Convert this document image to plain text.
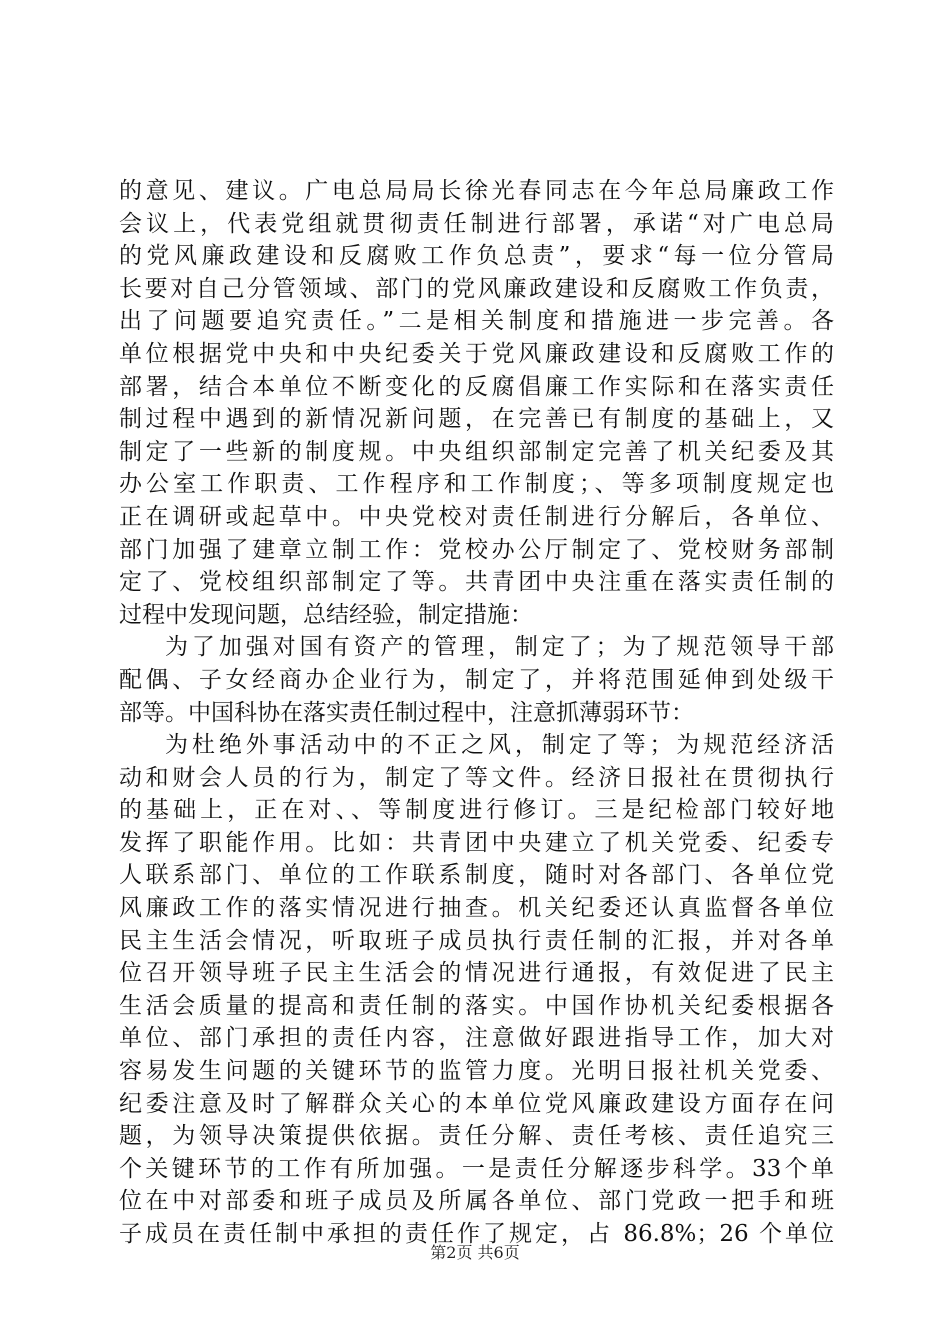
的意见、建议。广电总局局长徐光春同志在今年总局廉政工作
会议上，代表党组就贯彻责任制进行部署，承诺“对广电总局
的党风廉政建设和反腐败工作负总责”，要求“每一位分管局
长要对自己分管领域、部门的党风廉政建设和反腐败工作负责，
出了问题要追究责任。”二是相关制度和措施进一步完善。各
单位根据党中央和中央纪委关于党风廉政建设和反腐败工作的
部署，结合本单位不断变化的反腐倡廉工作实际和在落实责任
制过程中遇到的新情况新问题，在完善已有制度的基础上，又
制定了一些新的制度规。中央组织部制定完善了机关纪委及其
办公室工作职责、工作程序和工作制度；、等多项制度规定也
正在调研或起草中。中央党校对责任制进行分解后，各单位、
部门加强了建章立制工作：党校办公厅制定了、党校财务部制
定了、党校组织部制定了等。共青团中央注重在落实责任制的
过程中发现问题，总结经验，制定措施：
为了加强对国有资产的管理，制定了；为了规范领导干部
配偶、子女经商办企业行为，制定了，并将范围延伸到处级干
部等。中国科协在落实责任制过程中，注意抓薄弱环节：
为杜绝外事活动中的不正之风，制定了等；为规范经济活
动和财会人员的行为，制定了等文件。经济日报社在贯彻执行
的基础上，正在对、、等制度进行修订。三是纪检部门较好地
发挥了职能作用。比如：共青团中央建立了机关党委、纪委专
人联系部门、单位的工作联系制度，随时对各部门、各单位党
风廉政工作的落实情况进行抽查。机关纪委还认真监督各单位
民主生活会情况，听取班子成员执行责任制的汇报，并对各单
位召开领导班子民主生活会的情况进行通报，有效促进了民主
生活会质量的提高和责任制的落实。中国作协机关纪委根据各
单位、部门承担的责任内容，注意做好跟进指导工作，加大对
容易发生问题的关键环节的监管力度。光明日报社机关党委、
纪委注意及时了解群众关心的本单位党风廉政建设方面存在问
题，为领导决策提供依据。责任分解、责任考核、责任追究三
个关键环节的工作有所加强。一是责任分解逐步科学。33个单
位在中对部委和班子成员及所属各单位、部门党政一把手和班
子成员在责任制中承担的责任作了规定，占 86.8%；26 个单位
第2页 共6页
